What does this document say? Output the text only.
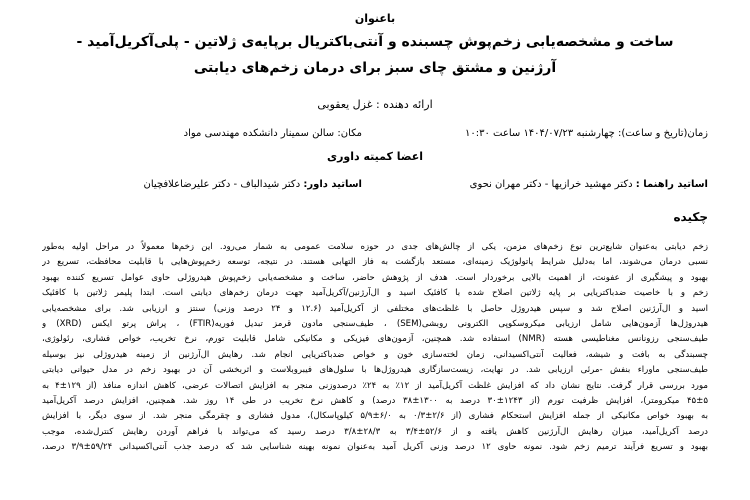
باعنوان
ساخت و مشخصه‌یابی زخم‌پوش چسبنده و آنتی‌باکتریال برپایه‌ی ژلاتین - پلی‌آکریل‌آمید -
آرژنین و مشتق چای سبز برای درمان زخم‌های دیابتی
ارائه دهنده : غزل یعقوبی
زمان(تاریخ و ساعت): چهارشنبه ۱۴۰۴/۰۷/۲۳ ساعت ۱۰:۳۰
مکان: سالن سمینار دانشکده مهندسی مواد
اعضا کمیته داوری
اساتید راهنما : دکتر مهشید خرازیها - دکتر مهران نحوی
اساتید داور: دکتر شیدالباف - دکتر علیرضاعلافچیان
چکیده
زخم دیابتی به‌عنوان شایع‌ترین نوع زخم‌های مزمن، یکی از چالش‌های جدی در حوزه سلامت عمومی به شمار می‌رود. این زخم‌ها معمولاً در مراحل اولیه به‌طور
نسبی درمان می‌شوند، اما به‌دلیل شرایط پاتولوژیک زمینه‌ای، مستعد بازگشت به فاز التهابی هستند. در نتیجه، توسعه زخم‌پوش‌هایی با قابلیت محافظت، تسریع در
بهبود و پیشگیری از عفونت، از اهمیت بالایی برخوردار است. هدف از پژوهش حاضر، ساخت و مشخصه‌یابی زخم‌پوش هیدروژلی حاوی عوامل تسریع کننده بهبود
زخم و با خاصیت ضدباکتریایی بر پایه ژلاتین اصلاح شده با کافئیک اسید و ال‌آرژنین/آکریل‌آمید جهت درمان زخم‌های دیابتی است. ابتدا پلیمر ژلاتین با کافئیک
اسید و ال‌آرژنین اصلاح شد و سپس هیدروژل حاصل با غلظت‌های مختلفی از آکریل‌آمید (۱۲.۶ و ۲۴ درصد وزنی) سنتز و ارزیابی شد. برای مشخصه‌یابی
هیدروژل‌ها آزمون‌هایی شامل ارزیابی میکروسکوپی الکترونی روبشی(SEM) ، طیف‌سنجی مادون قرمز تبدیل فوریه(FTIR) ، پراش پرتو ایکس (XRD) و
طیف‌سنجی رزونانس مغناطیسی هسته (NMR) استفاده شد. همچنین، آزمون‌های فیزیکی و مکانیکی شامل قابلیت تورم، نرخ تخریب، خواص فشاری، رئولوژی،
چسبندگی به بافت و شیشه، فعالیت آنتی‌اکسیدانی، زمان لخته‌سازی خون و خواص ضدباکتریایی انجام شد. رهایش ال‌آرژنین از زمینه هیدروژلی نیز بوسیله
طیف‌سنجی ماوراء بنفش -مرئی ارزیابی شد. در نهایت، زیست‌سازگاری هیدروژل‌ها با سلول‌های فیبروبلاست و اثربخشی آن در بهبود زخم در مدل حیوانی دیابتی
مورد بررسی قرار گرفت. نتایج نشان داد که افزایش غلظت آکریل‌آمید از ۱۲٪ به ۲۴٪ درصدوزنی منجر به افزایش اتصالات عرضی، کاهش اندازه منافذ (از ۱۲۹±۴ به
۴۵±۵ میکرومتر)، افزایش ظرفیت تورم (از ۱۲۴۳±۳۰ درصد به ۱۳۰۰±۳۸ درصد) و کاهش نرخ تخریب در طی ۱۴ روز شد. همچنین، افزایش درصد آکریل‌آمید
به بهبود خواص مکانیکی از جمله افزایش استحکام فشاری (از ۲/۶±۰/۳ به ۶/۰±۵/۹ کیلوپاسکال)، مدول فشاری و چقرمگی منجر شد. از سوی دیگر، با افزایش
درصد آکریل‌آمید، میزان رهایش ال‌آرژنین کاهش یافته و از ۵۲/۶±۳/۴ به ۲۸/۳±۳/۸ درصد رسید که می‌تواند با فراهم آوردن رهایش کنترل‌شده، موجب
بهبود و تسریع فرآیند ترمیم زخم شود. نمونه حاوی ۱۲ درصد وزنی آکریل آمید به‌عنوان نمونه بهینه شناسایی شد که درصد جذب آنتی‌اکسیدانی ۵۹/۲۴±۳/۹ درصد،
